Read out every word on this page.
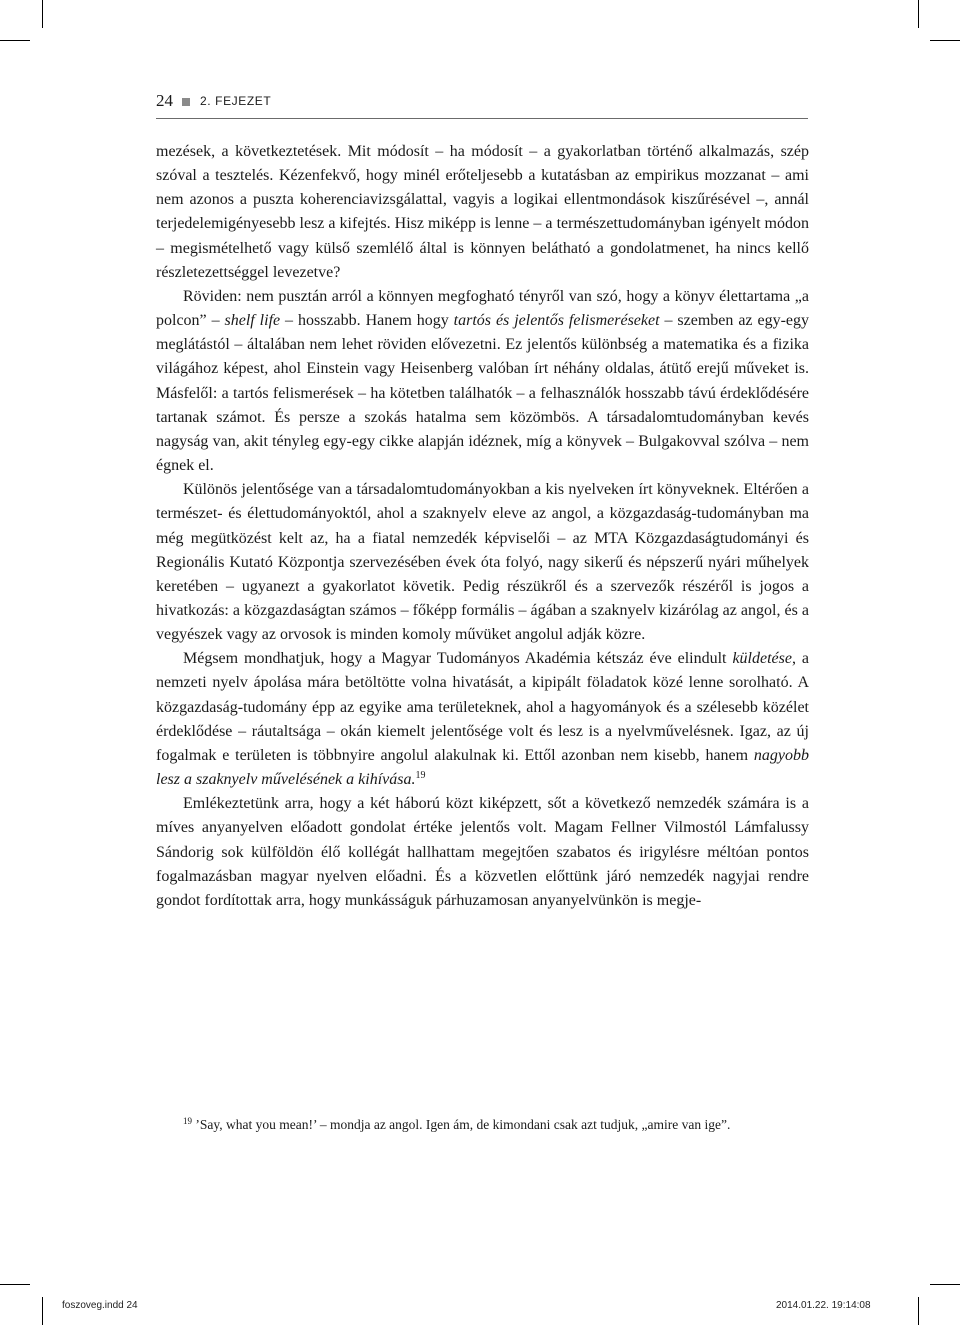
24 2. FEJEZET

mezések, a következtetések. Mit módosít – ha módosít – a gyakorlatban történő alkalmazás, szép szóval a tesztelés. Kézenfekvő, hogy minél erőteljesebb a kutatásban az empirikus mozzanat – ami nem azonos a puszta koherenciavizsgálattal, vagyis a logikai ellentmondások kiszűrésével –, annál terjedelemigényesebb lesz a kifejtés. Hisz miképp is lenne – a természettudományban igényelt módon – megismételhető vagy külső szemlélő által is könnyen belátható a gondolatmenet, ha nincs kellő részletezettséggel levezetve?

Röviden: nem pusztán arról a könnyen megfogható tényről van szó, hogy a könyv élettartama „a polcon” – shelf life – hosszabb. Hanem hogy tartós és jelentős felismeréseket – szemben az egy-egy meglátástól – általában nem lehet röviden elővezetni. Ez jelentős különbség a matematika és a fizika világához képest, ahol Einstein vagy Heisenberg valóban írt néhány oldalas, átütő erejű műveket is. Másfelől: a tartós felismerések – ha kötetben találhatók – a felhasználók hosszabb távú érdeklődésére tartanak számot. És persze a szokás hatalma sem közömbös. A társadalomtudományban kevés nagyság van, akit tényleg egy-egy cikke alapján idéznek, míg a könyvek – Bulgakovval szólva – nem égnek el.

Különös jelentősége van a társadalomtudományokban a kis nyelveken írt könyveknek. Eltérően a természet- és élettudományoktól, ahol a szaknyelv eleve az angol, a közgazdaság-tudományban ma még megütközést kelt az, ha a fiatal nemzedék képviselői – az MTA Közgazdaságtudományi és Regionális Kutató Központja szervezésében évek óta folyó, nagy sikerű és népszerű nyári műhelyek keretében – ugyanezt a gyakorlatot követik. Pedig részükről és a szervezők részéről is jogos a hivatkozás: a közgazdaságtan számos – főképp formális – ágában a szaknyelv kizárólag az angol, és a vegyészek vagy az orvosok is minden komoly művüket angolul adják közre.

Mégsem mondhatjuk, hogy a Magyar Tudományos Akadémia kétszáz éve elindult küldetése, a nemzeti nyelv ápolása mára betöltötte volna hivatását, a kipipált föladatok közé lenne sorolható. A közgazdaság-tudomány épp az egyike ama területeknek, ahol a hagyományok és a szélesebb közélet érdeklődése – ráutaltsága – okán kiemelt jelentősége volt és lesz is a nyelvművelésnek. Igaz, az új fogalmak e területen is többnyire angolul alakulnak ki. Ettől azonban nem kisebb, hanem nagyobb lesz a szaknyelv művelésének a kihívása.$^{19}$

Emlékeztetünk arra, hogy a két háború közt kiképzett, sőt a következő nemzedék számára is a míves anyanyelven előadott gondolat értéke jelentős volt. Magam Fellner Vilmostól Lámfalussy Sándorig sok külföldön élő kollégát hallhattam megejtően szabatos és irigylésre méltóan pontos fogalmazásban magyar nyelven előadni. És a közvetlen előttünk járó nemzedék nagyjai rendre gondot fordítottak arra, hogy munkásságuk párhuzamosan anyanyelvünkön is megje-

$^{19}$ ’Say, what you mean!’ – mondja az angol. Igen ám, de kimondani csak azt tudjuk, „amire van ige”.

foszoveg.indd 24	2014.01.22. 19:14:08
